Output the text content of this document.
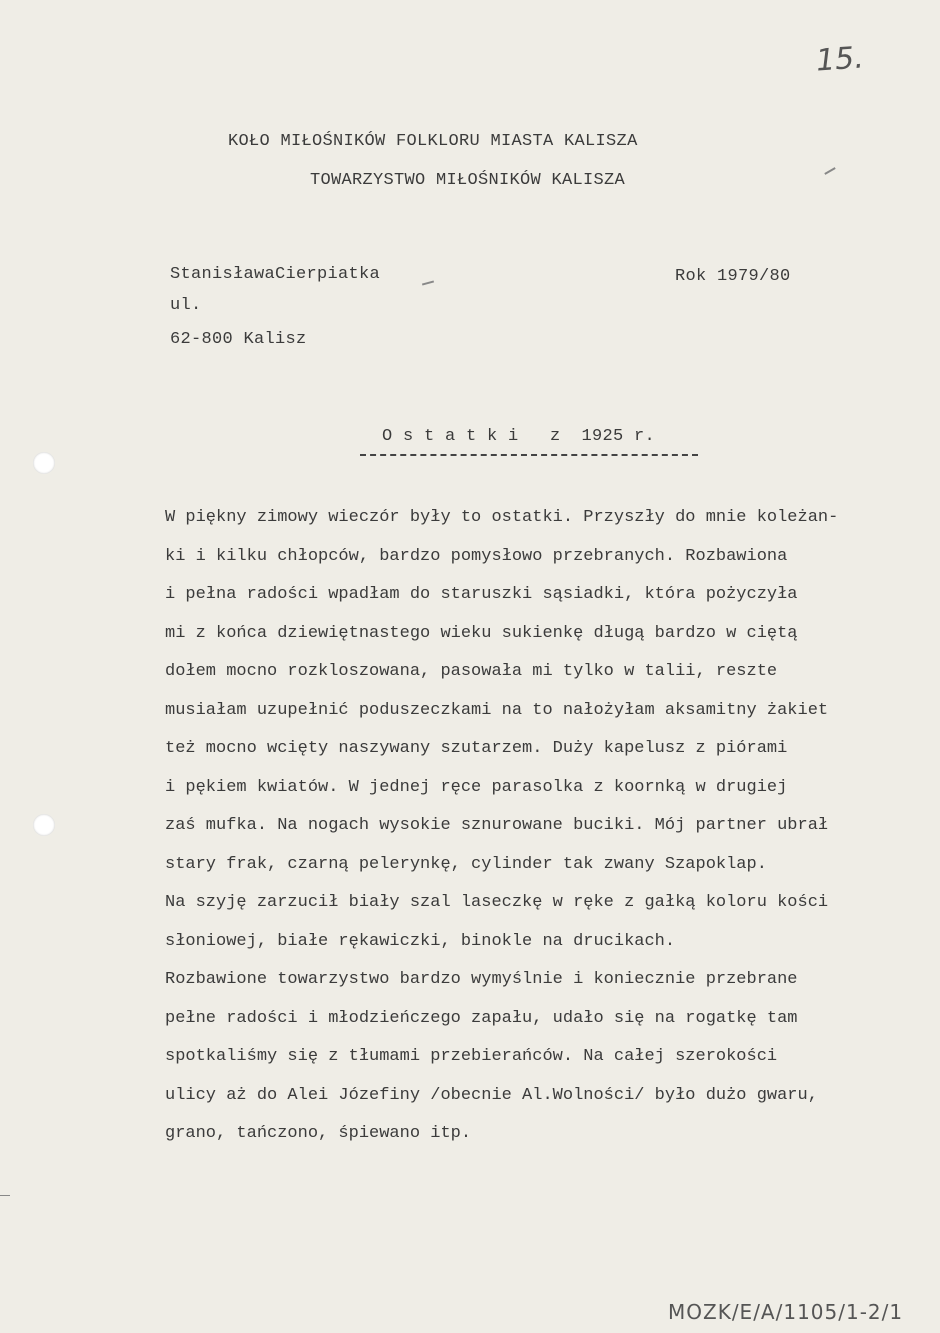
15.
KOŁO MIŁOŚNIKÓW FOLKLORU MIASTA KALISZA
TOWARZYSTWO MIŁOŚNIKÓW KALISZA
StanisławaCierpiatka
ul.
62-800 Kalisz
Rok 1979/80
O s t a t k i   z  1925 r.
W piękny zimowy wieczór były to ostatki. Przyszły do mnie koleżan-
ki i kilku chłopców, bardzo pomysłowo przebranych. Rozbawiona
i pełna radości wpadłam do staruszki sąsiadki, która pożyczyła
mi z końca dziewiętnastego wieku sukienkę długą bardzo w ciętą
dołem mocno rozkloszowana, pasowała mi tylko w talii, reszte
musiałam uzupełnić poduszeczkami na to nałożyłam aksamitny żakiet
też mocno wcięty naszywany szutarzem. Duży kapelusz z piórami
i pękiem kwiatów. W jednej ręce parasolka z koornką w drugiej
zaś mufka. Na nogach wysokie sznurowane buciki. Mój partner ubrał
stary frak, czarną pelerynkę, cylinder tak zwany Szapoklap.
Na szyję zarzucił biały szal laseczkę w ręke z gałką koloru kości
słoniowej, białe rękawiczki, binokle na drucikach.
Rozbawione towarzystwo bardzo wymyślnie i koniecznie przebrane
pełne radości i młodzieńczego zapału, udało się na rogatkę tam
spotkaliśmy się z tłumami przebierańców. Na całej szerokości
ulicy aż do Alei Józefiny /obecnie Al.Wolności/ było dużo gwaru,
grano, tańczono, śpiewano itp.
MOZK/E/A/1105/1-2/1
